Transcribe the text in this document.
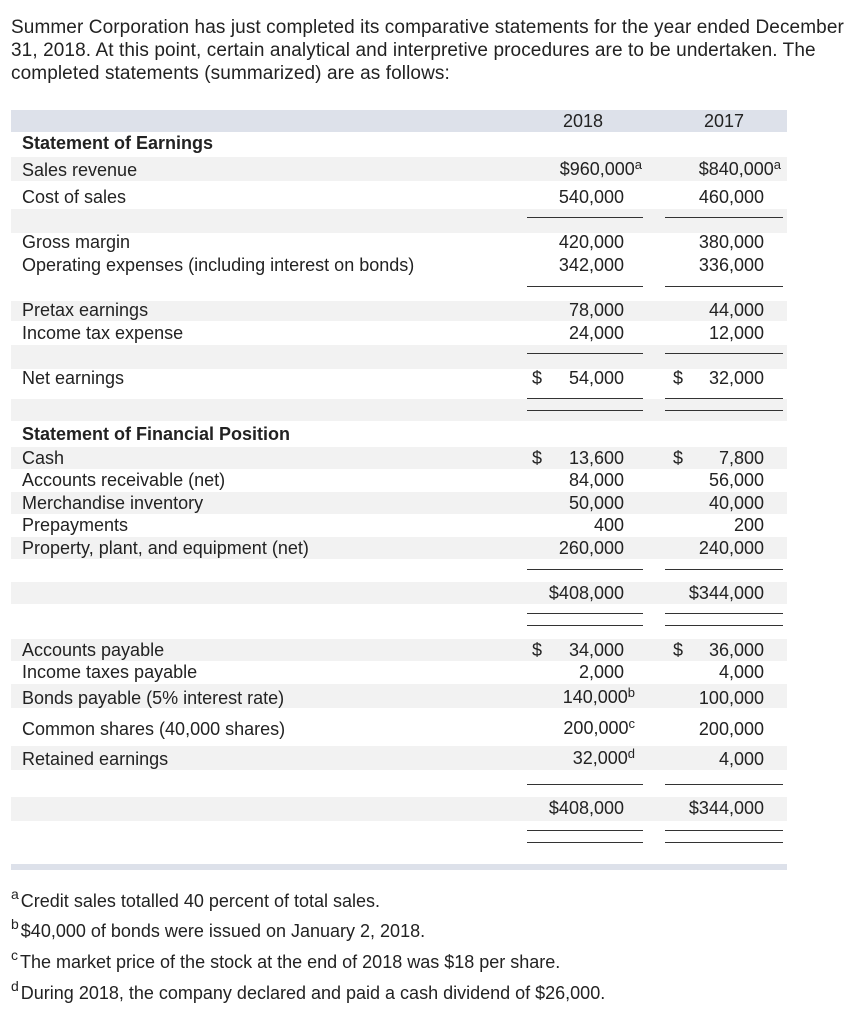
Summer Corporation has just completed its comparative statements for the year ended December 31, 2018. At this point, certain analytical and interpretive procedures are to be undertaken. The completed statements (summarized) are as follows:
2018	2017
Statement of Earnings
Sales revenue	$960,000$^a$	$840,000$^a$
Cost of sales	540,000	460,000
Gross margin	420,000	380,000
Operating expenses (including interest on bonds)	342,000	336,000
Pretax earnings	78,000	44,000
Income tax expense	24,000	12,000
Net earnings	$ 54,000	$ 32,000
Statement of Financial Position
Cash	$ 13,600	$ 7,800
Accounts receivable (net)	84,000	56,000
Merchandise inventory	50,000	40,000
Prepayments	400	200
Property, plant, and equipment (net)	260,000	240,000
$408,000	$344,000
Accounts payable	$ 34,000	$ 36,000
Income taxes payable	2,000	4,000
Bonds payable (5% interest rate)	140,000$^b$	100,000
Common shares (40,000 shares)	200,000$^c$	200,000
Retained earnings	32,000$^d$	4,000
$408,000	$344,000
$^a$ Credit sales totalled 40 percent of total sales.
$^b$ $40,000 of bonds were issued on January 2, 2018.
$^c$ The market price of the stock at the end of 2018 was $18 per share.
$^d$ During 2018, the company declared and paid a cash dividend of $26,000.
